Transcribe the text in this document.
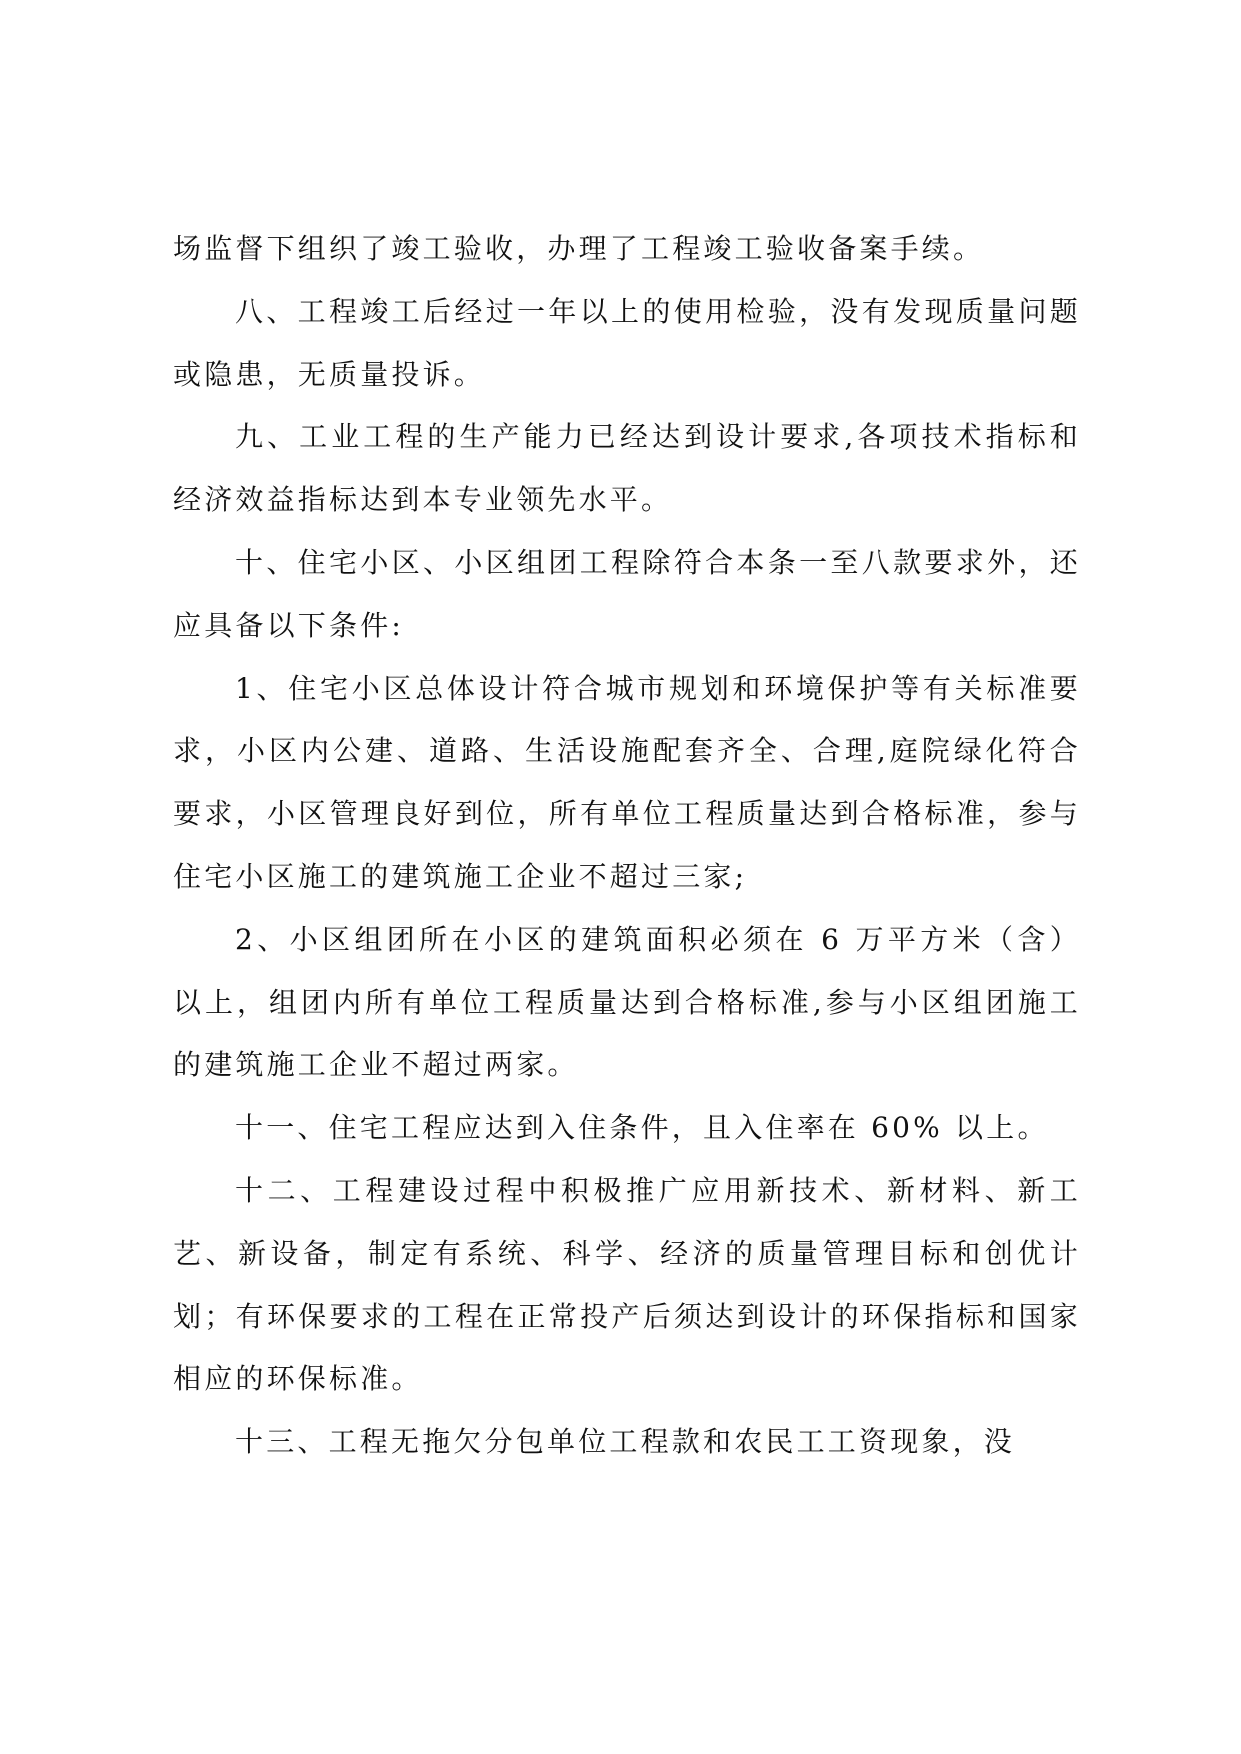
场监督下组织了竣工验收，办理了工程竣工验收备案手续。

八、工程竣工后经过一年以上的使用检验，没有发现质量问题或隐患，无质量投诉。

九、工业工程的生产能力已经达到设计要求,各项技术指标和经济效益指标达到本专业领先水平。

十、住宅小区、小区组团工程除符合本条一至八款要求外，还应具备以下条件:

1、住宅小区总体设计符合城市规划和环境保护等有关标准要求，小区内公建、道路、生活设施配套齐全、合理,庭院绿化符合要求，小区管理良好到位，所有单位工程质量达到合格标准，参与住宅小区施工的建筑施工企业不超过三家;

2、小区组团所在小区的建筑面积必须在 6 万平方米（含）以上，组团内所有单位工程质量达到合格标准,参与小区组团施工的建筑施工企业不超过两家。

十一、住宅工程应达到入住条件，且入住率在 60% 以上。

十二、工程建设过程中积极推广应用新技术、新材料、新工艺、新设备，制定有系统、科学、经济的质量管理目标和创优计划；有环保要求的工程在正常投产后须达到设计的环保指标和国家相应的环保标准。

十三、工程无拖欠分包单位工程款和农民工工资现象，没
